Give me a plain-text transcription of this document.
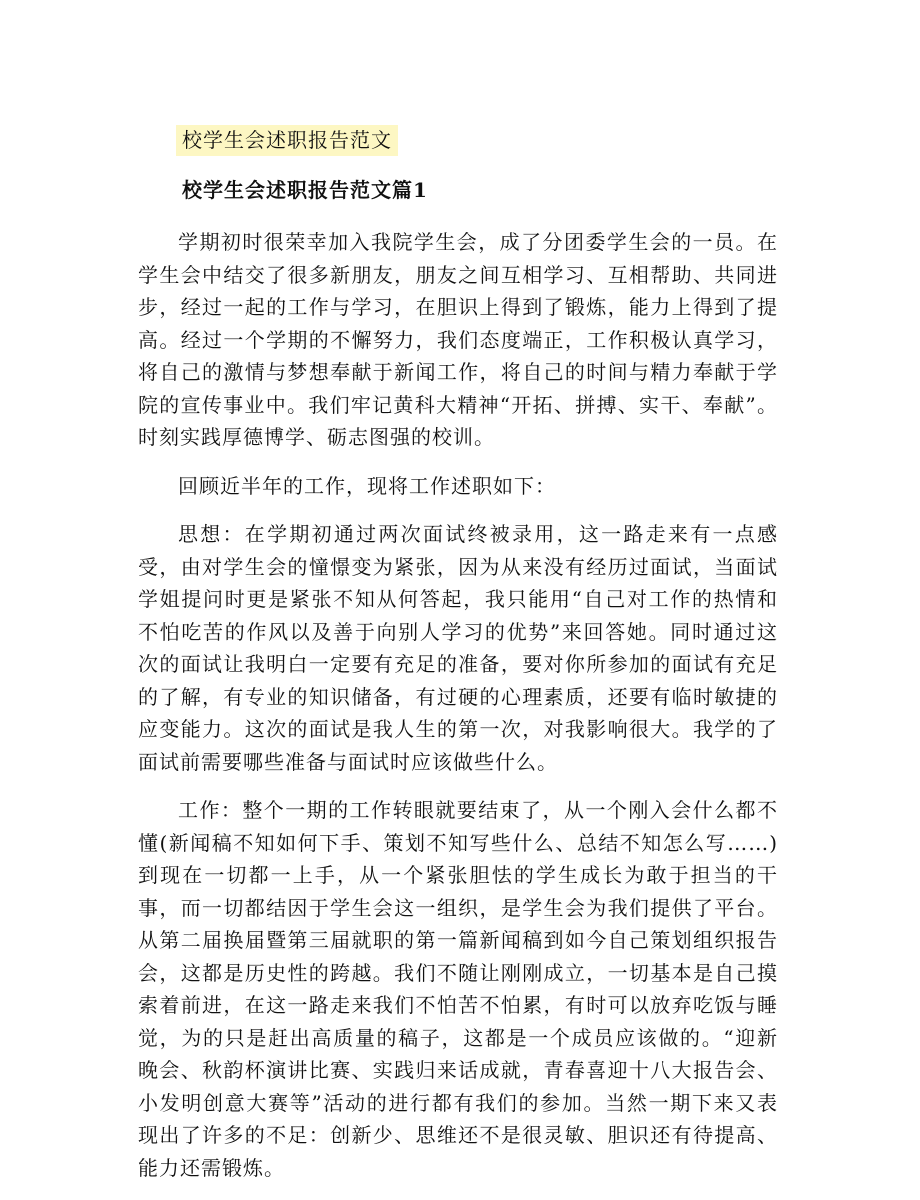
校学生会述职报告范文
校学生会述职报告范文篇1

学期初时很荣幸加入我院学生会，成了分团委学生会的一员。在学生会中结交了很多新朋友，朋友之间互相学习、互相帮助、共同进步，经过一起的工作与学习，在胆识上得到了锻炼，能力上得到了提高。经过一个学期的不懈努力，我们态度端正，工作积极认真学习，将自己的激情与梦想奉献于新闻工作，将自己的时间与精力奉献于学院的宣传事业中。我们牢记黄科大精神“开拓、拼搏、实干、奉献”。时刻实践厚德博学、砺志图强的校训。

回顾近半年的工作，现将工作述职如下：

思想：在学期初通过两次面试终被录用，这一路走来有一点感受，由对学生会的憧憬变为紧张，因为从来没有经历过面试，当面试学姐提问时更是紧张不知从何答起，我只能用“自己对工作的热情和不怕吃苦的作风以及善于向别人学习的优势”来回答她。同时通过这次的面试让我明白一定要有充足的准备，要对你所参加的面试有充足的了解，有专业的知识储备，有过硬的心理素质，还要有临时敏捷的应变能力。这次的面试是我人生的第一次，对我影响很大。我学的了面试前需要哪些准备与面试时应该做些什么。

工作：整个一期的工作转眼就要结束了，从一个刚入会什么都不懂(新闻稿不知如何下手、策划不知写些什么、总结不知怎么写……)到现在一切都一上手，从一个紧张胆怯的学生成长为敢于担当的干事，而一切都结因于学生会这一组织，是学生会为我们提供了平台。从第二届换届暨第三届就职的第一篇新闻稿到如今自己策划组织报告会，这都是历史性的跨越。我们不随让刚刚成立，一切基本是自己摸索着前进，在这一路走来我们不怕苦不怕累，有时可以放弃吃饭与睡觉，为的只是赶出高质量的稿子，这都是一个成员应该做的。“迎新晚会、秋韵杯演讲比赛、实践归来话成就，青春喜迎十八大报告会、小发明创意大赛等”活动的进行都有我们的参加。当然一期下来又表现出了许多的不足：创新少、思维还不是很灵敏、胆识还有待提高、能力还需锻炼。
